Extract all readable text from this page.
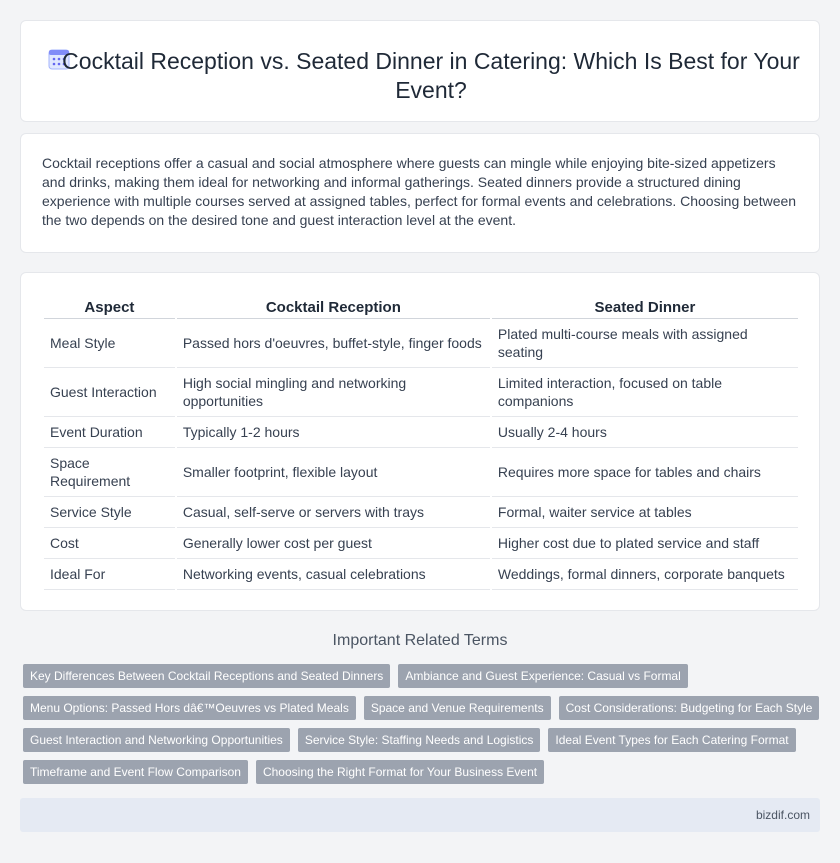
Cocktail Reception vs. Seated Dinner in Catering: Which Is Best for Your Event?

Cocktail receptions offer a casual and social atmosphere where guests can mingle while enjoying bite-sized appetizers and drinks, making them ideal for networking and informal gatherings. Seated dinners provide a structured dining experience with multiple courses served at assigned tables, perfect for formal events and celebrations. Choosing between the two depends on the desired tone and guest interaction level at the event.

Aspect	Cocktail Reception	Seated Dinner
Meal Style	Passed hors d'oeuvres, buffet-style, finger foods	Plated multi-course meals with assigned seating
Guest Interaction	High social mingling and networking opportunities	Limited interaction, focused on table companions
Event Duration	Typically 1-2 hours	Usually 2-4 hours
Space Requirement	Smaller footprint, flexible layout	Requires more space for tables and chairs
Service Style	Casual, self-serve or servers with trays	Formal, waiter service at tables
Cost	Generally lower cost per guest	Higher cost due to plated service and staff
Ideal For	Networking events, casual celebrations	Weddings, formal dinners, corporate banquets
Important Related Terms
Key Differences Between Cocktail Receptions and Seated Dinners	Ambiance and Guest Experience: Casual vs Formal
Menu Options: Passed Hors dâ€™Oeuvres vs Plated Meals	Space and Venue Requirements	Cost Considerations: Budgeting for Each Style
Guest Interaction and Networking Opportunities	Service Style: Staffing Needs and Logistics	Ideal Event Types for Each Catering Format
Timeframe and Event Flow Comparison	Choosing the Right Format for Your Business Event
bizdif.com
